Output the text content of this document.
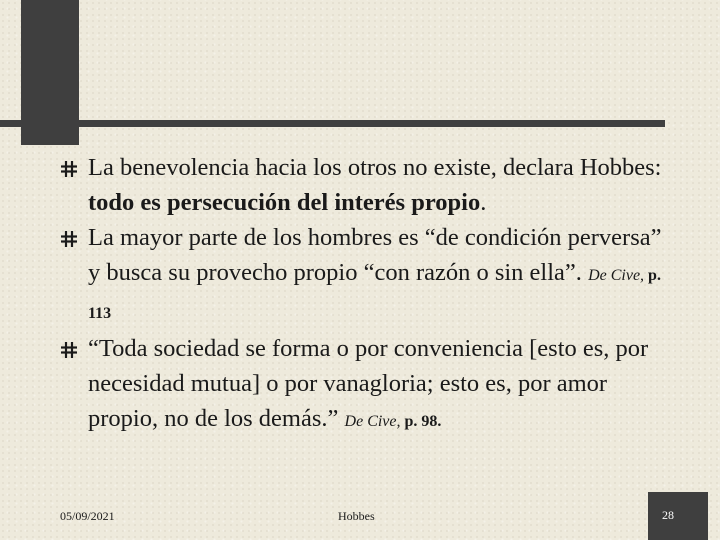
La benevolencia hacia los otros no existe, declara Hobbes: todo es persecución del interés propio.
La mayor parte de los hombres es “de condición perversa” y busca su provecho propio “con razón o sin ella”. De Cive, p. 113
“Toda sociedad se forma o por conveniencia [esto es, por necesidad mutua] o por vanagloria; esto es, por amor propio, no de los demás.” De Cive, p. 98.
05/09/2021	Hobbes	28
